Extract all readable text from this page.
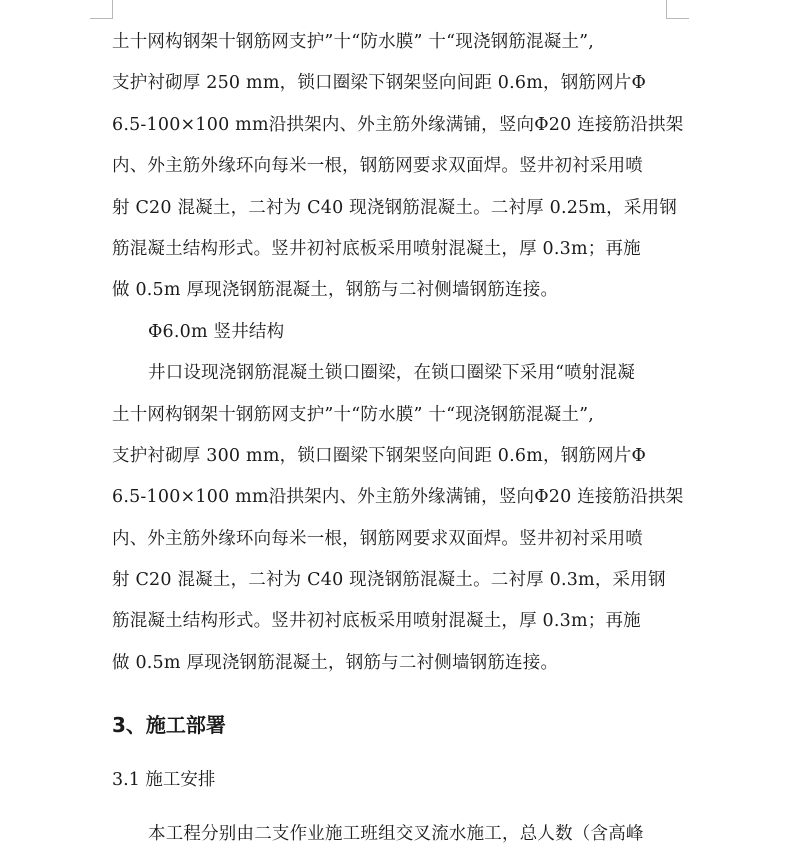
土十网构钢架十钢筋网支护”十“防水膜” 十“现浇钢筋混凝土”,
支护衬砌厚 250 mm，锁口圈梁下钢架竖向间距 0.6m，钢筋网片Φ
6.5-100×100 mm沿拱架内、外主筋外缘满铺，竖向Φ20 连接筋沿拱架
内、外主筋外缘环向每米一根，钢筋网要求双面焊。竖井初衬采用喷
射 C20 混凝土，二衬为 C40 现浇钢筋混凝土。二衬厚 0.25m，采用钢
筋混凝土结构形式。竖井初衬底板采用喷射混凝土，厚 0.3m；再施
做 0.5m 厚现浇钢筋混凝土，钢筋与二衬侧墙钢筋连接。
Φ6.0m 竖井结构
井口设现浇钢筋混凝土锁口圈梁，在锁口圈梁下采用“喷射混凝
土十网构钢架十钢筋网支护”十“防水膜” 十“现浇钢筋混凝土”,
支护衬砌厚 300 mm，锁口圈梁下钢架竖向间距 0.6m，钢筋网片Φ
6.5-100×100 mm沿拱架内、外主筋外缘满铺，竖向Φ20 连接筋沿拱架
内、外主筋外缘环向每米一根，钢筋网要求双面焊。竖井初衬采用喷
射 C20 混凝土，二衬为 C40 现浇钢筋混凝土。二衬厚 0.3m，采用钢
筋混凝土结构形式。竖井初衬底板采用喷射混凝土，厚 0.3m；再施
做 0.5m 厚现浇钢筋混凝土，钢筋与二衬侧墙钢筋连接。
3、施工部署
3.1 施工安排
本工程分别由二支作业施工班组交叉流水施工，总人数（含高峰
